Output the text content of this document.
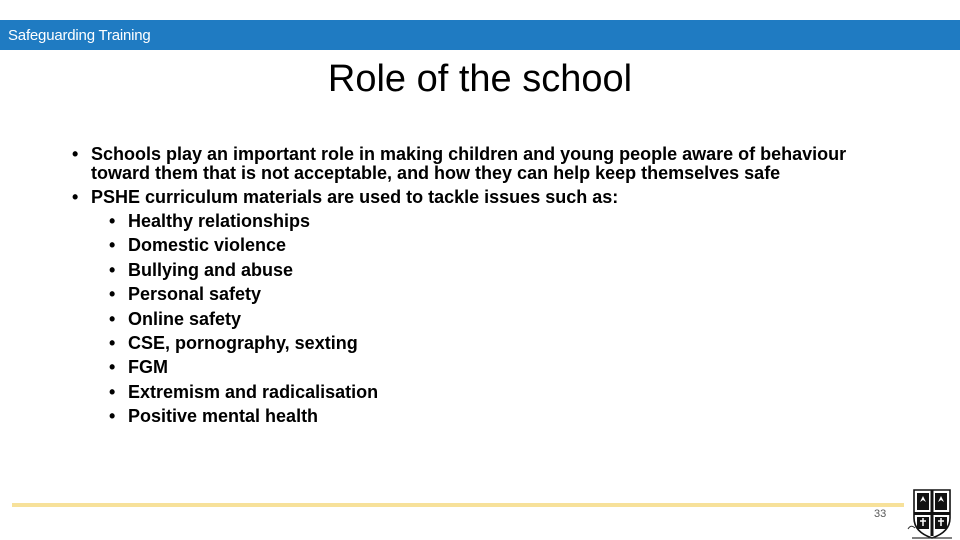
Safeguarding Training
Role of the school
• Schools play an important role in making children and young people aware of behaviour toward them that is not acceptable, and how they can help keep themselves safe
• PSHE curriculum materials are used to tackle issues such as:
• Healthy relationships
• Domestic violence
• Bullying and abuse
• Personal safety
• Online safety
• CSE, pornography, sexting
• FGM
• Extremism and radicalisation
• Positive mental health
33
